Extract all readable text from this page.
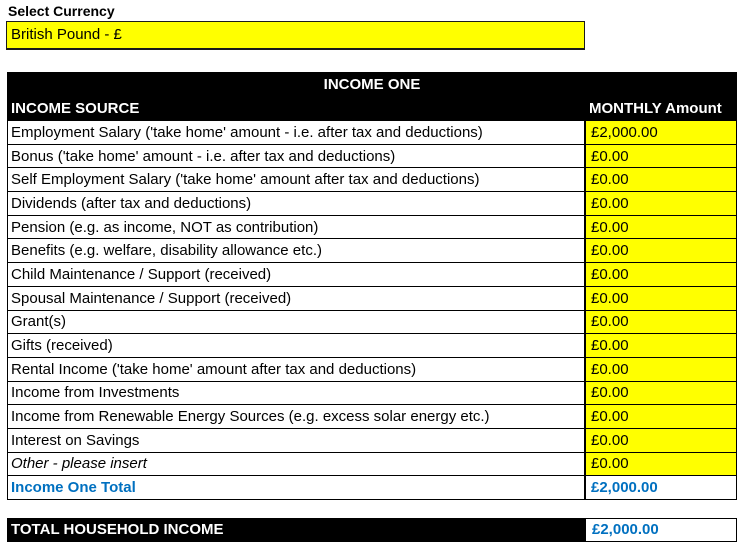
Select Currency
British Pound - £
INCOME ONE
INCOME SOURCE	MONTHLY Amount
Employment Salary ('take home' amount - i.e. after tax and deductions)	£2,000.00
Bonus ('take home' amount - i.e. after tax and deductions)	£0.00
Self Employment Salary ('take home' amount after tax and deductions)	£0.00
Dividends (after tax and deductions)	£0.00
Pension (e.g. as income, NOT as contribution)	£0.00
Benefits (e.g. welfare, disability allowance etc.)	£0.00
Child Maintenance / Support (received)	£0.00
Spousal Maintenance / Support (received)	£0.00
Grant(s)	£0.00
Gifts (received)	£0.00
Rental Income ('take home' amount after tax and deductions)	£0.00
Income from Investments	£0.00
Income from Renewable Energy Sources (e.g. excess solar energy etc.)	£0.00
Interest on Savings	£0.00
Other - please insert	£0.00
Income One Total	£2,000.00
TOTAL HOUSEHOLD INCOME	£2,000.00
